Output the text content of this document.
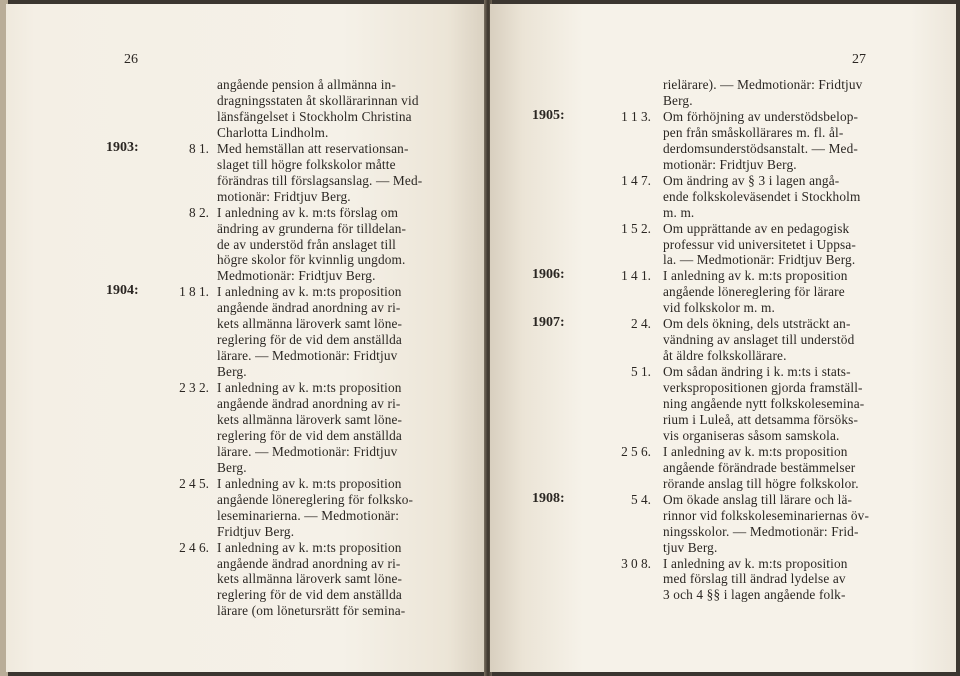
26
angående pension å allmänna in-
dragningsstaten åt skollärarinnan vid
länsfängelset i Stockholm Christina
Charlotta Lindholm.
1903:	8 1. Med hemställan att reservationsan-
slaget till högre folkskolor måtte
förändras till förslagsanslag. — Med-
motionär: Fridtjuv Berg.
8 2. I anledning av k. m:ts förslag om
ändring av grunderna för tilldelan-
de av understöd från anslaget till
högre skolor för kvinnlig ungdom.
Medmotionär: Fridtjuv Berg.
1904:	1 8 1. I anledning av k. m:ts proposition
angående ändrad anordning av ri-
kets allmänna läroverk samt löne-
reglering för de vid dem anställda
lärare. — Medmotionär: Fridtjuv
Berg.
2 3 2. I anledning av k. m:ts proposition
angående ändrad anordning av ri-
kets allmänna läroverk samt löne-
reglering för de vid dem anställda
lärare. — Medmotionär: Fridtjuv
Berg.
2 4 5. I anledning av k. m:ts proposition
angående lönereglering för folkskо-
leseminarierna. — Medmotionär:
Fridtjuv Berg.
2 4 6. I anledning av k. m:ts proposition
angående ändrad anordning av ri-
kets allmänna läroverk samt löne-
reglering för de vid dem anställda
lärare (om lönetursrätt för semina-
27
rielärare). — Medmotionär: Fridtjuv
Berg.
1905:	1 1 3. Om förhöjning av understödsbelop-
pen från småskollärares m. fl. ål-
derdomsunderstödsanstalt. — Med-
motionär: Fridtjuv Berg.
1 4 7. Om ändring av § 3 i lagen angå-
ende folkskoleväsendet i Stockholm
m. m.
1 5 2. Om upprättande av en pedagogisk
professur vid universitetet i Uppsa-
la. — Medmotionär: Fridtjuv Berg.
1906:	1 4 1. I anledning av k. m:ts proposition
angående lönereglering för lärare
vid folkskolor m. m.
1907:	2 4. Om dels ökning, dels utsträckt an-
vändning av anslaget till understöd
åt äldre folkskollärare.
5 1. Om sådan ändring i k. m:ts i stats-
verkspropositionen gjorda framställ-
ning angående nytt folkskolesemina-
rium i Luleå, att detsamma försöks-
vis organiseras såsom samskola.
2 5 6. I anledning av k. m:ts proposition
angående förändrade bestämmelser
rörande anslag till högre folkskolor.
1908:	5 4. Om ökade anslag till lärare och lä-
rinnor vid folkskoleseminariernas öv-
ningsskolor. — Medmotionär: Frid-
tjuv Berg.
3 0 8. I anledning av k. m:ts proposition
med förslag till ändrad lydelse av
3 och 4 §§ i lagen angående folk-
